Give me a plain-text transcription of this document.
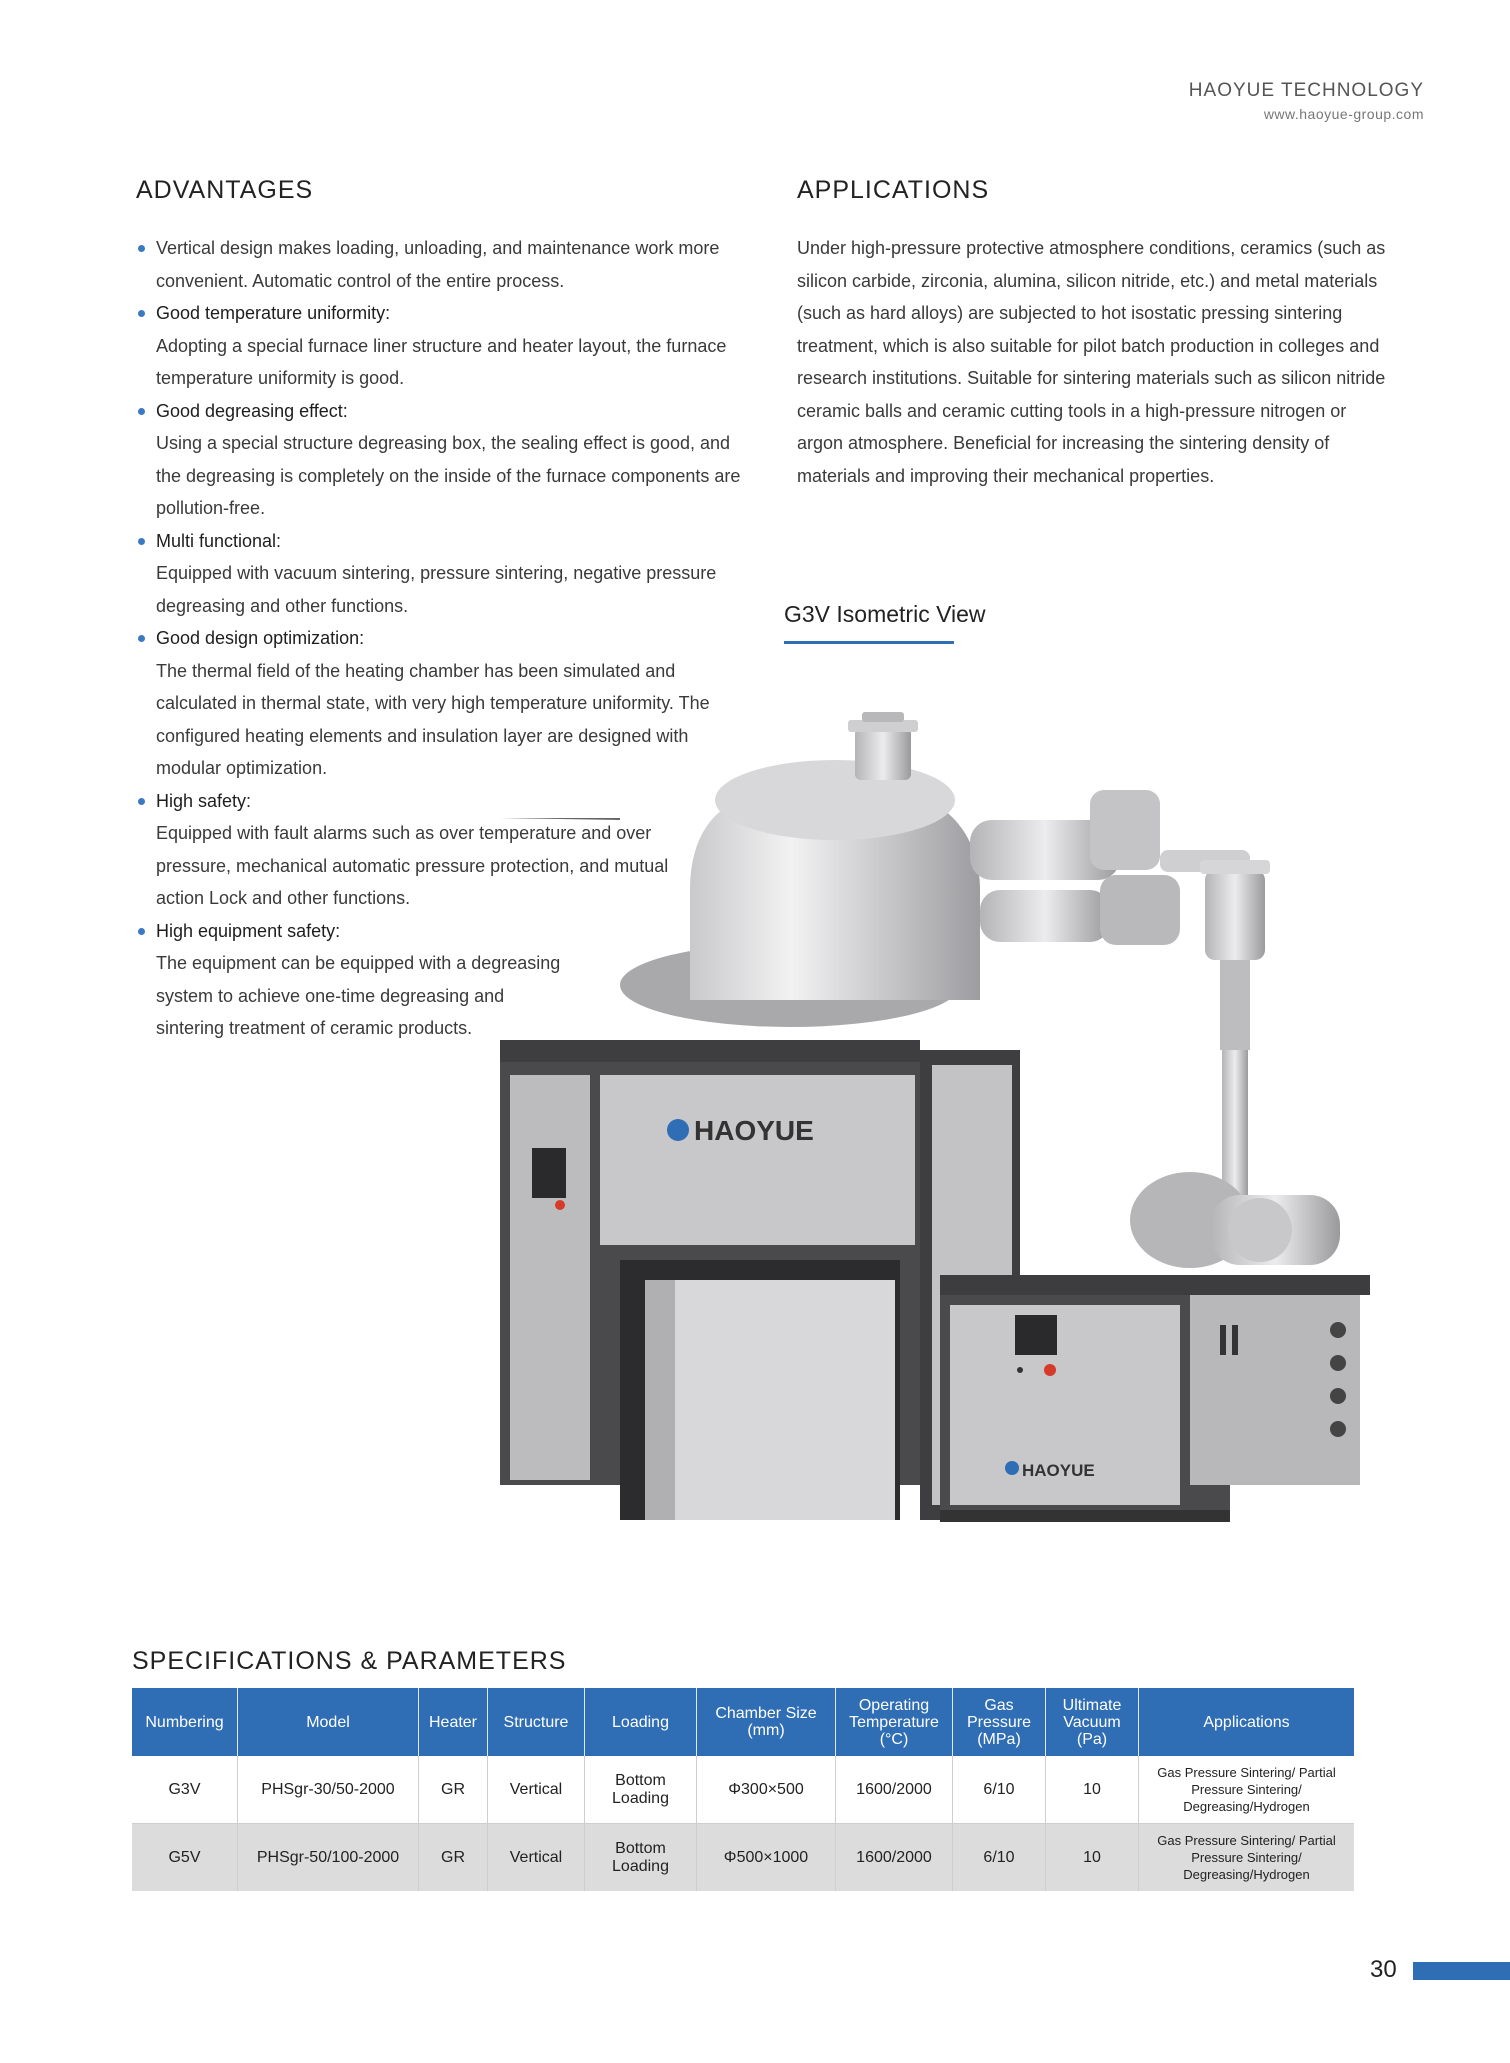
HAOYUE TECHNOLOGY
www.haoyue-group.com
ADVANTAGES	APPLICATIONS
Vertical design makes loading, unloading, and maintenance work more convenient. Automatic control of the entire process.
Good temperature uniformity:
Adopting a special furnace liner structure and heater layout, the furnace temperature uniformity is good.
Good degreasing effect:
Using a special structure degreasing box, the sealing effect is good, and the degreasing is completely on the inside of the furnace components are pollution-free.
Multi functional:
Equipped with vacuum sintering, pressure sintering, negative pressure degreasing and other functions.
Good design optimization:
The thermal field of the heating chamber has been simulated and calculated in thermal state, with very high temperature uniformity. The configured heating elements and insulation layer are designed with modular optimization.
High safety:
Equipped with fault alarms such as over temperature and over pressure, mechanical automatic pressure protection, and mutual action Lock and other functions.
High equipment safety:
The equipment can be equipped with a degreasing system to achieve one-time degreasing and sintering treatment of ceramic products.

Under high-pressure protective atmosphere conditions, ceramics (such as silicon carbide, zirconia, alumina, silicon nitride, etc.) and metal materials (such as hard alloys) are subjected to hot isostatic pressing sintering treatment, which is also suitable for pilot batch production in colleges and research institutions. Suitable for sintering materials such as silicon nitride ceramic balls and ceramic cutting tools in a high-pressure nitrogen or argon atmosphere. Beneficial for increasing the sintering density of materials and improving their mechanical properties.

G3V Isometric View
HAOYUE
HAOYUE
SPECIFICATIONS & PARAMETERS
Numbering	Model	Heater	Structure	Loading	Chamber Size (mm)	Operating Temperature (°C)	Gas Pressure (MPa)	Ultimate Vacuum (Pa)	Applications
G3V	PHSgr-30/50-2000	GR	Vertical	Bottom Loading	Φ300×500	1600/2000	6/10	10	Gas Pressure Sintering/ Partial Pressure Sintering/ Degreasing/Hydrogen
G5V	PHSgr-50/100-2000	GR	Vertical	Bottom Loading	Φ500×1000	1600/2000	6/10	10	Gas Pressure Sintering/ Partial Pressure Sintering/ Degreasing/Hydrogen
30
